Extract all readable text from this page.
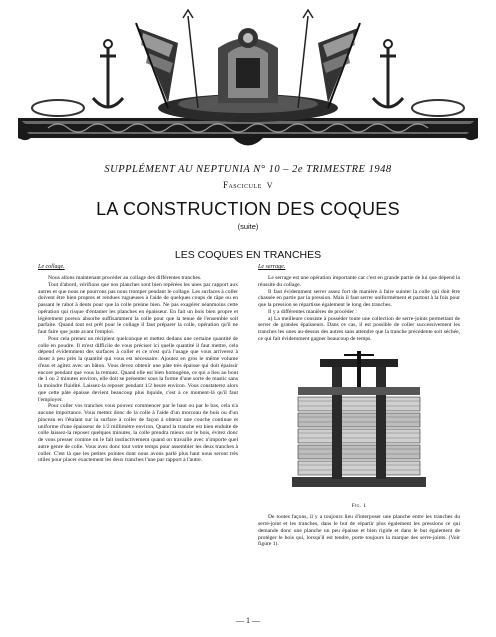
SUPPLÉMENT AU NEPTUNIA N° 10 – 2e TRIMESTRE 1948
Fascicule V
LA CONSTRUCTION DES COQUES
(suite)
LES COQUES EN TRANCHES
Le collage.

Nous allons maintenant procéder au collage des différentes tranches.

Tout d'abord, vérifions que nos planches sont bien repérées les unes par rapport aux autres et que nous ne pourrons pas nous tromper pendant le collage. Les surfaces à coller doivent être bien propres et rendues rugueuses à l'aide de quelques coups de râpe ou en passant le rabot à dents pour que la colle prenne bien. Ne pas exagérer néanmoins cette opération qui risque d'entamer les planches en épaisseur. En fait un bois bien propre et légèrement poreux absorbe suffisamment la colle pour que la tenue de l'ensemble soit parfaite. Quand tout est prêt pour le collage il faut préparer la colle, opération qu'il ne faut faire que juste avant l'emploi.

Pour cela prenez un récipient quelconque et mettez dedans une certaine quantité de colle en poudre. Il m'est difficile de vous préciser ici quelle quantité il faut mettre, cela dépend évidemment des surfaces à coller et ce n'est qu'à l'usage que vous arriverez à doser à peu près la quantité qui vous est nécessaire. Ajoutez en gros le même volume d'eau et agitez avec un bâton. Vous devez obtenir une pâte très épaisse qui doit épaissir encore pendant que vous la remuez. Quand elle est bien homogène, ce qui a lieu au bout de 1 ou 2 minutes environ, elle doit se présenter sous la forme d'une sorte de mastic sans la moindre fluidité. Laissez-la reposer pendant 1/2 heure environ. Vous constaterez alors que cette pâte épaisse devient beaucoup plus liquide, c'est à ce moment-là qu'il faut l'employer.

Pour coller vos tranches vous pouvez commencer par le haut ou par le bas, cela n'a aucune importance. Vous mettez donc de la colle à l'aide d'un morceau de bois ou d'un pinceau en l'étalant sur la surface à coller de façon à obtenir une couche continue et uniforme d'une épaisseur de 1/2 millimètre environ. Quand la tranche est bien enduite de colle laissez-la reposer quelques minutes, la colle prendra mieux sur le bois, évitez donc de vous presser comme on le fait instinctivement quand on travaille avec n'importe quel autre genre de colle. Vous avez donc tout votre temps pour assembler les deux tranches à coller. C'est là que les petites pointes dont nous avons parlé plus haut nous seront très utiles pour placer exactement les deux tranches l'une par rapport à l'autre.

Le serrage.

Le serrage est une opération importante car c'est en grande partie de lui que dépend la réussite du collage.

Il faut évidemment serrer assez fort de manière à faire suinter la colle qui doit être chassée en partie par la pression. Mais il faut serrer uniformément et partout à la fois pour que la pression se répartisse également le long des tranches.

Il y a différentes manières de procéder :

a) La meilleure consiste à posséder toute une collection de serre-joints permettant de serrer de grandes épaisseurs. Dans ce cas, il est possible de coller successivement les tranches les unes au-dessus des autres sans attendre que la tranche précédente soit séchée, ce qui fait évidemment gagner beaucoup de temps.

Fig. 1

De toutes façons, il y a toujours lieu d'interposer une planche entre les tranches du serre-joint et les tranches, dans le but de répartir plus également les pressions ce qui demande donc une planche un peu épaisse et bien rigide et dans le but également de protéger le bois qui, lorsqu'il est tendre, porte toujours la marque des serre-joints. (Voir figure 1).

— 1 —
